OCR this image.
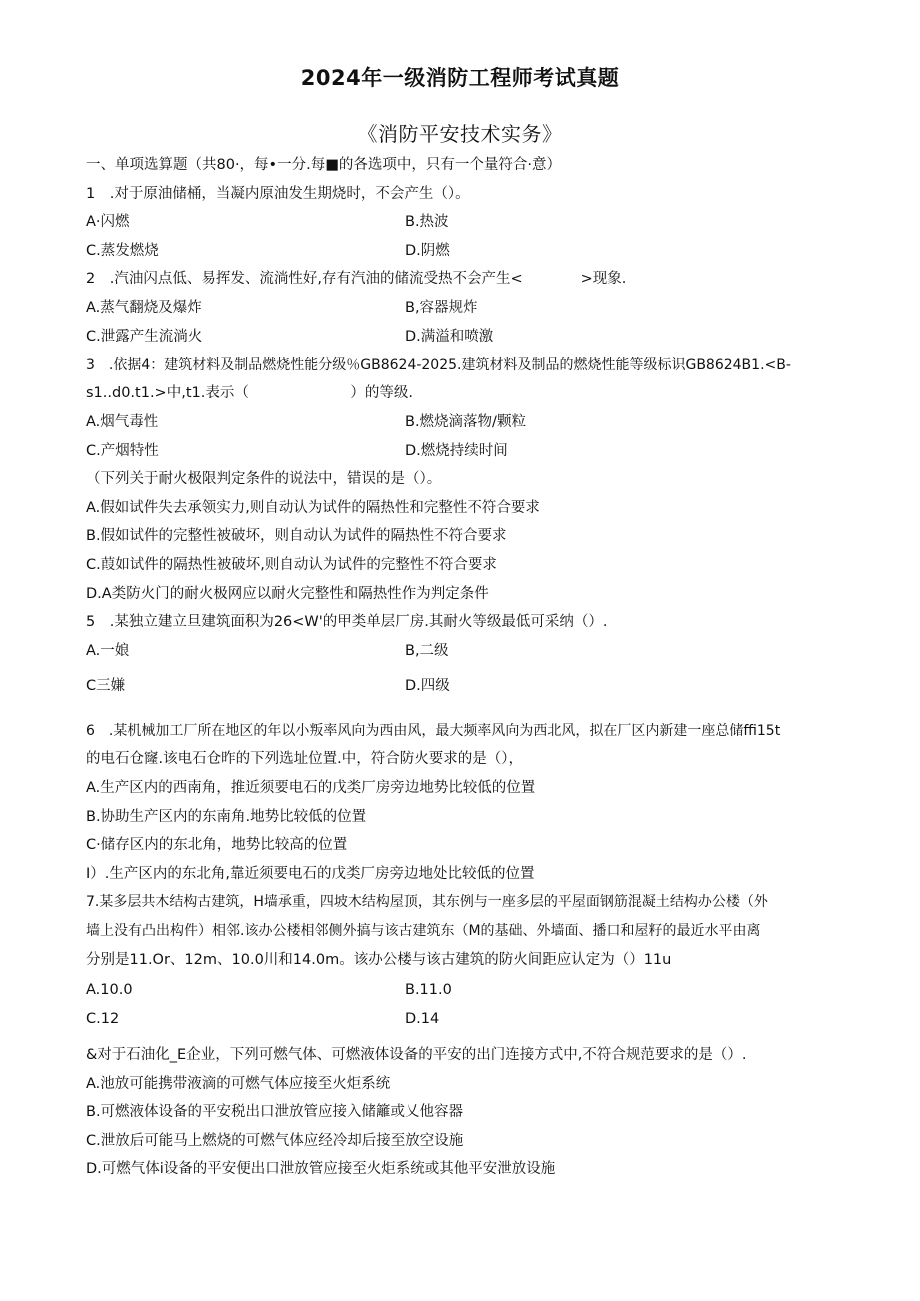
2024年一级消防工程师考试真题
《消防平安技术实务》
一、单项选算题（共80·，每•一分.每■的各选项中，只有一个量符合·意）
1　.对于原油储桶，当凝内原油发生期烧时，不会产生（）。
A·闪燃	B.热波
C.蒸发燃烧	D.阴燃
2　.汽油闪点低、易挥发、流淌性好,存有汽油的储流受热不会产生<　　　　>现象.
A.蒸气翻烧及爆炸	B,容器规炸
C.泄露产生流淌火	D.满溢和喷激
3　.依据4：建筑材料及制品燃烧性能分级％GB8624-2025.建筑材料及制品的燃烧性能等级标识GB8624B1.<B-
s1..d0.t1.>中,t1.表示（　　　　　　　）的等级.
A.烟气毒性	B.燃烧滴落物/颗粒
C.产烟特性	D.燃烧持续时间
（下列关于耐火极限判定条件的说法中，错误的是（）。
A.假如试件失去承领实力,则自动认为试件的隔热性和完整性不符合要求
B.假如试件的完整性被破坏，则自动认为试件的隔热性不符合要求
C.葭如试件的隔热性被破坏,则自动认为试件的完整性不符合要求
D.A类防火门的耐火极网应以耐火完整性和隔热性作为判定条件
5　.某独立建立旦建筑面积为26<W'的甲类单层厂房.其耐火等级最低可采纳（）.
A.一娘	B,二级
C三嫌	D.四级
6　.某机械加工厂所在地区的年以小叛率风向为西由风，最大频率风向为西北风，拟在厂区内新建一座总储ffi15t
的电石仓窿.该电石仓昨的下列选址位置.中，符合防火要求的是（），
A.生产区内的西南角，推近须要电石的戊类厂房旁边地势比较低的位置
B.协助生产区内的东南角.地势比较低的位置
C·储存区内的东北角，地势比较高的位置
I）.生产区内的东北角,靠近须要电石的戊类厂房旁边地处比较低的位置
7.某多层共木结构古建筑，H墙承重，四坡木结构屋顶，其东例与一座多层的平屋面钢筋混凝土结构办公楼（外
墙上没有凸出构件）相邻.该办公楼相邻侧外搞与该古建筑东（M的基础、外墙面、播口和屋籽的最近水平由离
分别是11.Or、12m、10.0川和14.0m。该办公楼与该古建筑的防火间距应认定为（）11u
A.10.0	B.11.0
C.12	D.14
&对于石油化_E企业，下列可燃气体、可燃液体设备的平安的出门连接方式中,不符合规范要求的是（）.
A.池放可能携带液滴的可燃气体应接至火炬系统
B.可燃液体设备的平安税出口泄放管应接入储籬或乂他容器
C.泄放后可能马上燃烧的可燃气体应经冷却后接至放空设施
D.可燃气体i设备的平安便出口泄放管应接至火炬系统或其他平安泄放设施
